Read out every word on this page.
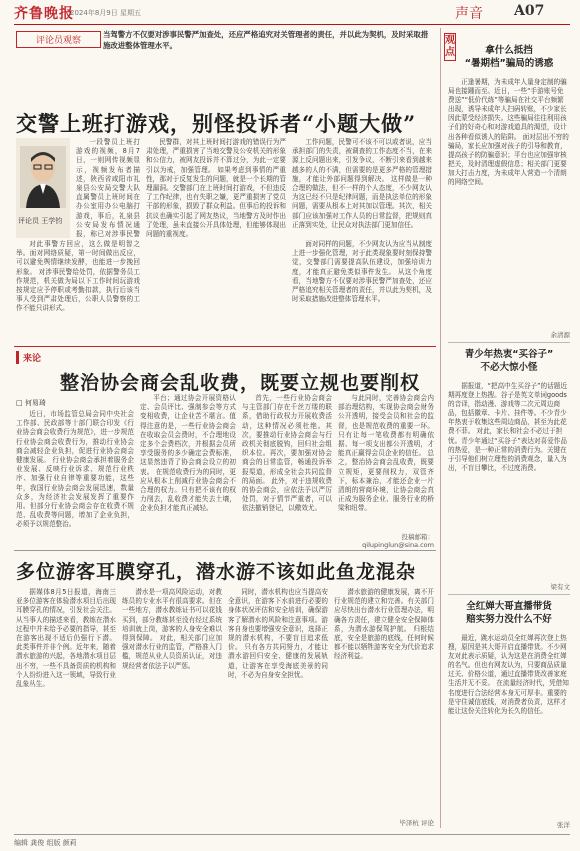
齐鲁晚报
2024年8月9日 星期五	声音 A07
评论员观察
当驾警方不仅要对涉事民警严加查处，还应严格追究对关管理者的责任，并以此为契机，及时采取措施改进整体管理水平。
交警上班打游戏，别怪投诉者“小题大做”
评论员 王学钧
一段警员上班打游戏的视频，8月7日，一则网传视频显示，视频发布者描述，陕西省咸阳市礼泉县公安局交警大队直属警员上班时间在办公室用办公电脑打游戏，事后，礼泉县公安局发布情况通报，称已对涉事民警
对此事警方回应，这么做是明智之举。面对网络质疑，第一时间做出反应，可以避免舆情继续发酵，也能进一步挽回形象。 对涉事民警给处罚，依据警务员工作规范，机关做为局以下工作时间玩游戏按规定应予停职或考勤扣款，执行后该当事人受到严肃处理后，公职人员警察的工作不能只讲形式。
民警群，对其上班时间打游戏的错误行为严肃处理，严重损害了当地交警及公安机关的形象和公信力，被网友投诉并不算过分，为此一定要引以为戒，加强管理。 如果考虑到事情的严重性，那对于反复发生的问题，就是一个长期的管理漏洞。交警部门在上班时间打游戏，不但违反了工作纪律，也有失职之嫌，更严重损害了党员干部的形象，损毁了群众利益。但事后的投诉和抗议也确实引起了网友热议，当地警方及时作出了处理，虽未直接公开具体处理，但能够体现出问题的重视度。
工作问题，民警可不该不可以或者说，应当承担部门的失责，被调查的工作态度不当，在来源上反问题出来，引发争议，不断引来看到越来越多的人的不满，但需要的是更多严格的管理措施，才能让外部问题得到解决。 这样做是一种合理的做法，但不一样的个人态度，不少网友认为这已经不只是纪律问题，而是执法单位的形象问题，需要从根本上对其加以管理。其次，相关部门应该加强对工作人员的日常监督，把规则真正落到实处，让民众对执法部门更加信任。
面对同样的问题，不少网友认为应当从制度上进一步强化管理，对于此类现象要时刻保持警觉，交警部门需要提高队伍建设，加强培训力度，才能真正避免类似事件发生。 从这个角度看，当地警方不仅要对涉事民警严加查处，还应严格追究相关管理者的责任，并以此为契机，及时采取措施改进整体管理水平。
来论
整治协会商会乱收费，既要立规也要削权
□ 何易琦
近日，市场监管总局会同中央社会工作部、民政部等十部门联合印发《行业协会商会收费行为规范》，进一步规范行业协会商会收费行为，推动行业协会商会减轻企业负担，促进行业协会商会健康发展。 行业协会商会承担着服务企业发展、反映行业诉求、规范行业秩序、加强行业自律等重要功能，这些年，我国行业协会商会发展迅速，数量众多，为经济社会发展发挥了重要作用。但部分行业协会商会存在收费不规范、乱收费等问题，增加了企业负担，必须予以规范整治。
平台；通过协会开展资格认定、会员评比、强制参会等方式变相收费，让企业苦不堪言。值得注意的是，一些行业协会商会在收取会员会费时，不合理地设定多个会费档次，并根据会员所享受服务的多少确定会费标准，这显然违背了协会商会设立的初衷。 在规范收费行为的同时，更应从根本上削减行业协会商会不合理的权力。只有把不该有的权力削去，乱收费才能失去土壤，企业负担才能真正减轻。
首先，一些行业协会商会与主管部门存在千丝万缕的联系，借助行政权力开展收费活动，这种情况必须杜绝。其次，要推动行业协会商会与行政机关彻底脱钩，回归社会组织本位。再次，要加强对协会商会的日常监管，畅通投诉举报渠道，形成全社会共同监督的局面。 此外，对于违规收费的协会商会，应依法予以严厉处罚，对于情节严重者，可以依法撤销登记，以儆效尤。
与此同时，完善协会商会内部治理结构，实现协会商会财务公开透明，接受会员和社会的监督，也是规范收费的重要一环。只有让每一笔收费都有明确依据、每一项支出都公开透明，才能真正赢得会员企业的信任。 总之，整治协会商会乱收费，既要立规矩，更要削权力，双管齐下，标本兼治，才能还企业一片清朗的营商环境，让协会商会真正成为服务企业、服务行业的桥梁和纽带。
投稿邮箱：qilupinglun@sina.com
多位游客耳膜穿孔，潜水游不该如此鱼龙混杂
据媒体8月5日报道，海南三亚多位游客在体验潜水项目后出现耳膜穿孔的情况，引发社会关注。从当事人的描述来看，教练在潜水过程中并未给予必要的指导，甚至在游客出现不适后仍强行下潜。 此类事件并非个例。近年来，随着潜水旅游的兴起，各地潜水项目层出不穷，一些不具备资质的机构和个人纷纷进入这一领域，导致行业乱象丛生。
潜水是一项高风险运动，对教练员的专业水平有很高要求。但在一些地方，潜水教练证书可以花钱买到，部分教练甚至没有经过系统培训就上岗，游客的人身安全难以得到保障。 对此，相关部门应加强对潜水行业的监管，严格准入门槛，规范从业人员资质认证，对违规经营者依法予以严惩。
同时，潜水机构也应当提高安全意识，在游客下水前进行必要的身体状况评估和安全培训，确保游客了解潜水的风险和注意事项。游客自身也要增强安全意识，选择正规的潜水机构，不要盲目追求低价。 只有各方共同努力，才能让潜水游回归安全、健康的发展轨道，让游客在享受海底美景的同时，不必为自身安全担忧。
潜水旅游的健康发展，离不开行业规范的建立和完善。有关部门应尽快出台潜水行业管理办法，明确各方责任，建立健全安全保障体系，为潜水游保驾护航。 归根结底，安全是旅游的底线，任何时候都不能以牺牲游客安全为代价追求经济利益。
毕泽杭 评论
观点	拿什么抵挡
“暑期档”骗局的诱惑
正逢暑期，为未成年人量身定制的骗局也接踵而至。近日，一些“手游账号免费送”“低价代练”等骗局在社交平台频繁出现，诱导未成年人扫码转账，不少家长因此蒙受经济损失。这些骗局往往利用孩子们的好奇心和对游戏道具的渴望，设计出各种看似诱人的陷阱。 面对层出不穷的骗局，家长应加强对孩子的引导和教育，提高孩子的防骗意识；平台也应加强审核把关，及时清理虚假信息；相关部门更要加大打击力度，为未成年人营造一个清朗的网络空间。
余清源
青少年热衷“买谷子”
不必大惊小怪
据报道，“把高中生买谷子”的话题近期再度登上热搜。谷子是英文单词goods的音译，指动漫、游戏等二次元周边商品，包括徽章、卡片、挂件等。不少青少年热衷于收集这些周边商品，甚至为此花费不菲。 对此，家长和社会不必过于担忧。青少年通过“买谷子”表达对喜爱作品的热爱，是一种正常的消费行为。关键在于引导他们树立理性的消费观念，量入为出，不盲目攀比，不过度消费。
梁有文
全红婵大哥直播带货
赔实努力没什么不好
最近，跳水运动员全红婵再次登上热搜，原因是其大哥开启直播带货。不少网友对此表示质疑，认为这是在消费全红婵的名气。但也有网友认为，只要商品质量过关、价格公道，通过直播带货改善家庭生活并无不妥。 在流量经济时代，凭借知名度进行合法经营本身无可厚非。重要的是守住诚信底线，对消费者负责，这样才能让这份关注转化为长久的信任。
张洋
编辑 龚俊 组版 颜莉
